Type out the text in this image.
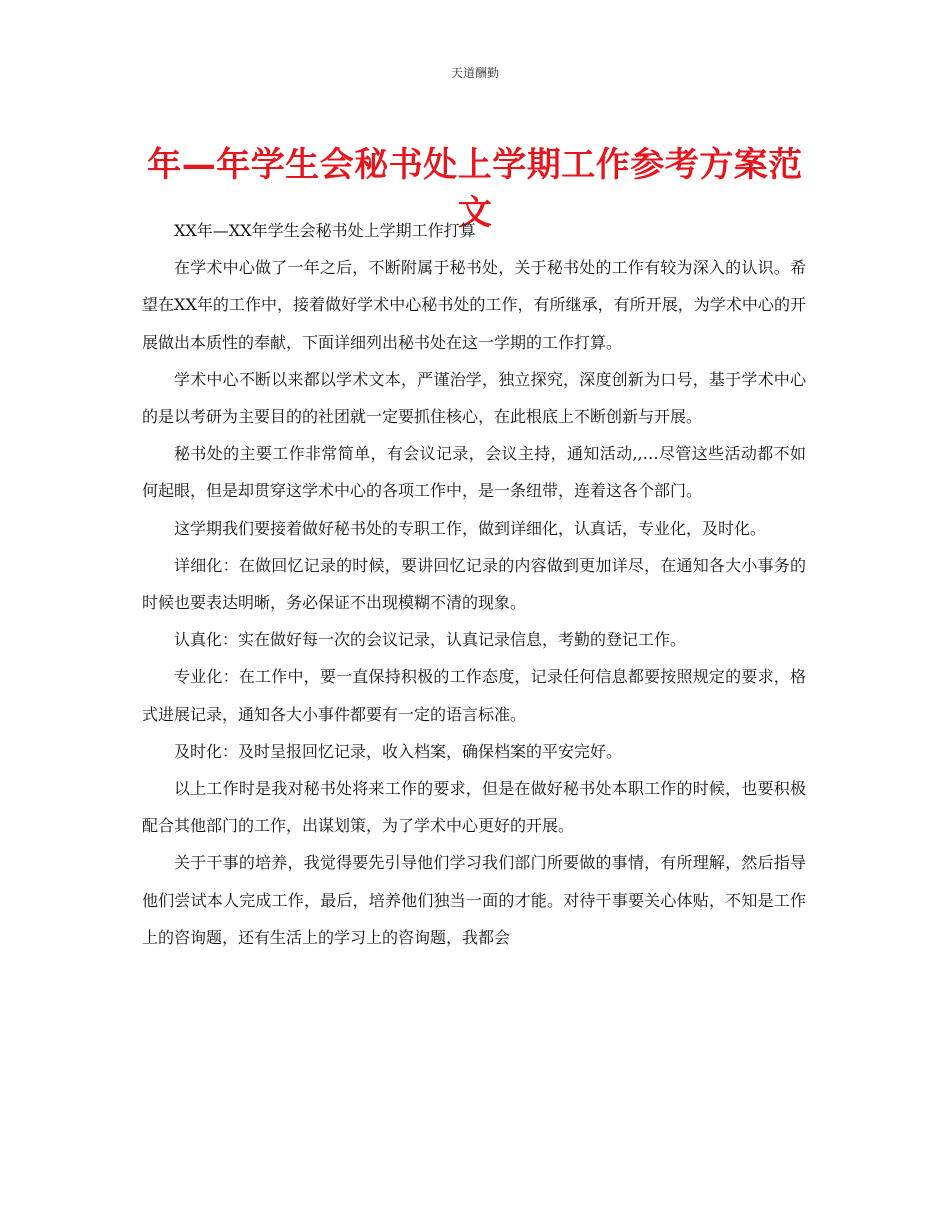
天道酬勤
年—年学生会秘书处上学期工作参考方案范文

XX年—XX年学生会秘书处上学期工作打算

在学术中心做了一年之后，不断附属于秘书处，关于秘书处的工作有较为深入的认识。希望在XX年的工作中，接着做好学术中心秘书处的工作，有所继承，有所开展，为学术中心的开展做出本质性的奉献，下面详细列出秘书处在这一学期的工作打算。

学术中心不断以来都以学术文本，严谨治学，独立探究，深度创新为口号，基于学术中心的是以考研为主要目的的社团就一定要抓住核心，在此根底上不断创新与开展。

秘书处的主要工作非常简单，有会议记录，会议主持，通知活动,,…尽管这些活动都不如何起眼，但是却贯穿这学术中心的各项工作中，是一条纽带，连着这各个部门。

这学期我们要接着做好秘书处的专职工作，做到详细化，认真话，专业化，及时化。

详细化：在做回忆记录的时候，要讲回忆记录的内容做到更加详尽，在通知各大小事务的时候也要表达明晰，务必保证不出现模糊不清的现象。

认真化：实在做好每一次的会议记录，认真记录信息，考勤的登记工作。

专业化：在工作中，要一直保持积极的工作态度，记录任何信息都要按照规定的要求，格式进展记录，通知各大小事件都要有一定的语言标准。

及时化：及时呈报回忆记录，收入档案，确保档案的平安完好。

以上工作时是我对秘书处将来工作的要求，但是在做好秘书处本职工作的时候，也要积极配合其他部门的工作，出谋划策，为了学术中心更好的开展。

关于干事的培养，我觉得要先引导他们学习我们部门所要做的事情，有所理解，然后指导他们尝试本人完成工作，最后，培养他们独当一面的才能。对待干事要关心体贴，不知是工作上的咨询题，还有生活上的学习上的咨询题，我都会
